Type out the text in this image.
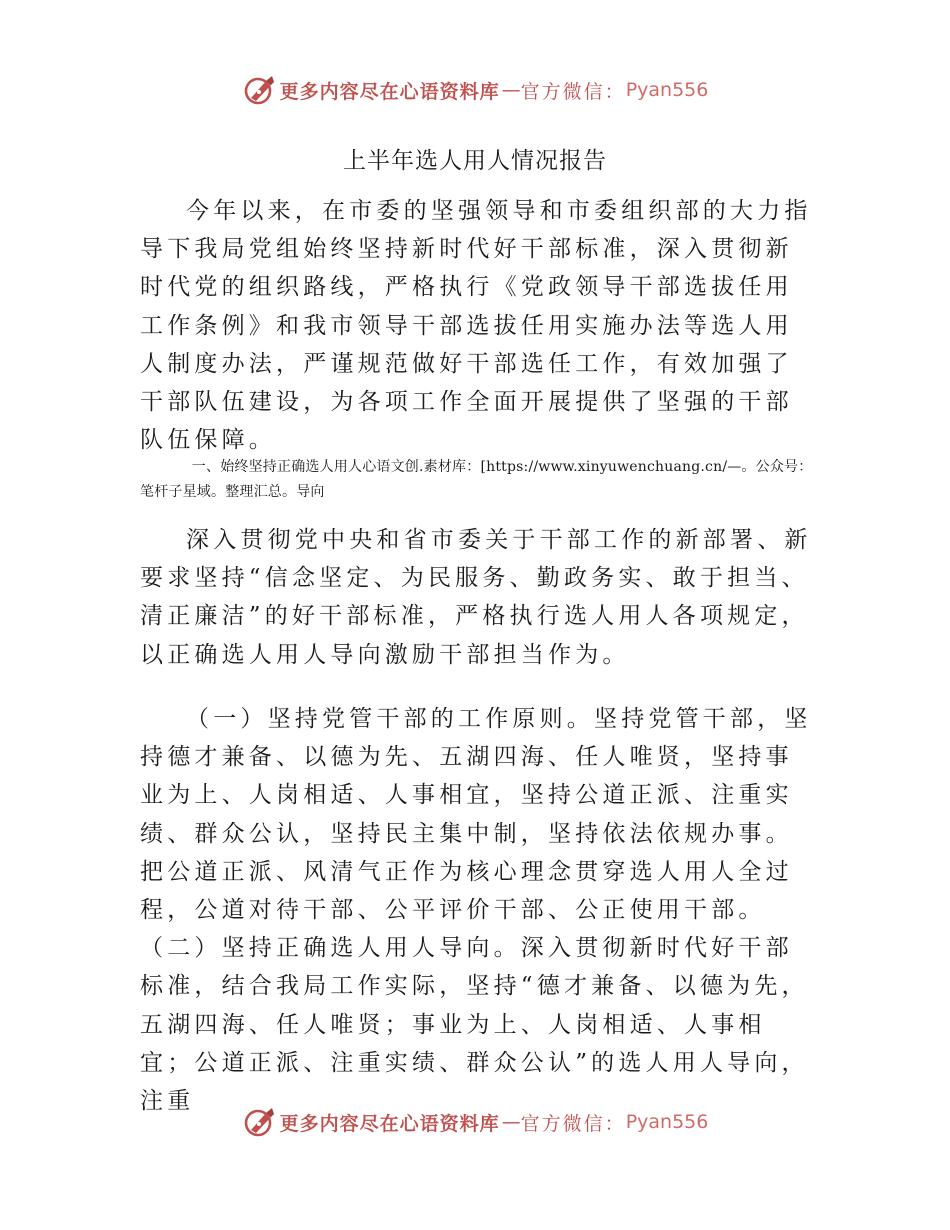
更多内容尽在心语资料库 — 官方微信： Pyan556
上半年选人用人情况报告

今年以来，在市委的坚强领导和市委组织部的大力指导下我局党组始终坚持新时代好干部标准，深入贯彻新时代党的组织路线，严格执行《党政领导干部选拔任用工作条例》和我市领导干部选拔任用实施办法等选人用人制度办法，严谨规范做好干部选任工作，有效加强了干部队伍建设，为各项工作全面开展提供了坚强的干部队伍保障。

一、始终坚持正确选人用人心语文创.素材库：[https://www.xinyuwenchuang.cn/—。公众号：笔杆子星域。整理汇总。导向

深入贯彻党中央和省市委关于干部工作的新部署、新要求坚持“信念坚定、为民服务、勤政务实、敢于担当、清正廉洁”的好干部标准，严格执行选人用人各项规定，以正确选人用人导向激励干部担当作为。

（一）坚持党管干部的工作原则。坚持党管干部，坚持德才兼备、以德为先、五湖四海、任人唯贤，坚持事业为上、人岗相适、人事相宜，坚持公道正派、注重实绩、群众公认，坚持民主集中制，坚持依法依规办事。把公道正派、风清气正作为核心理念贯穿选人用人全过程，公道对待干部、公平评价干部、公正使用干部。（二）坚持正确选人用人导向。深入贯彻新时代好干部标准，结合我局工作实际，坚持“德才兼备、以德为先，五湖四海、任人唯贤；事业为上、人岗相适、人事相宜；公道正派、注重实绩、群众公认”的选人用人导向，注重

更多内容尽在心语资料库 — 官方微信： Pyan556
